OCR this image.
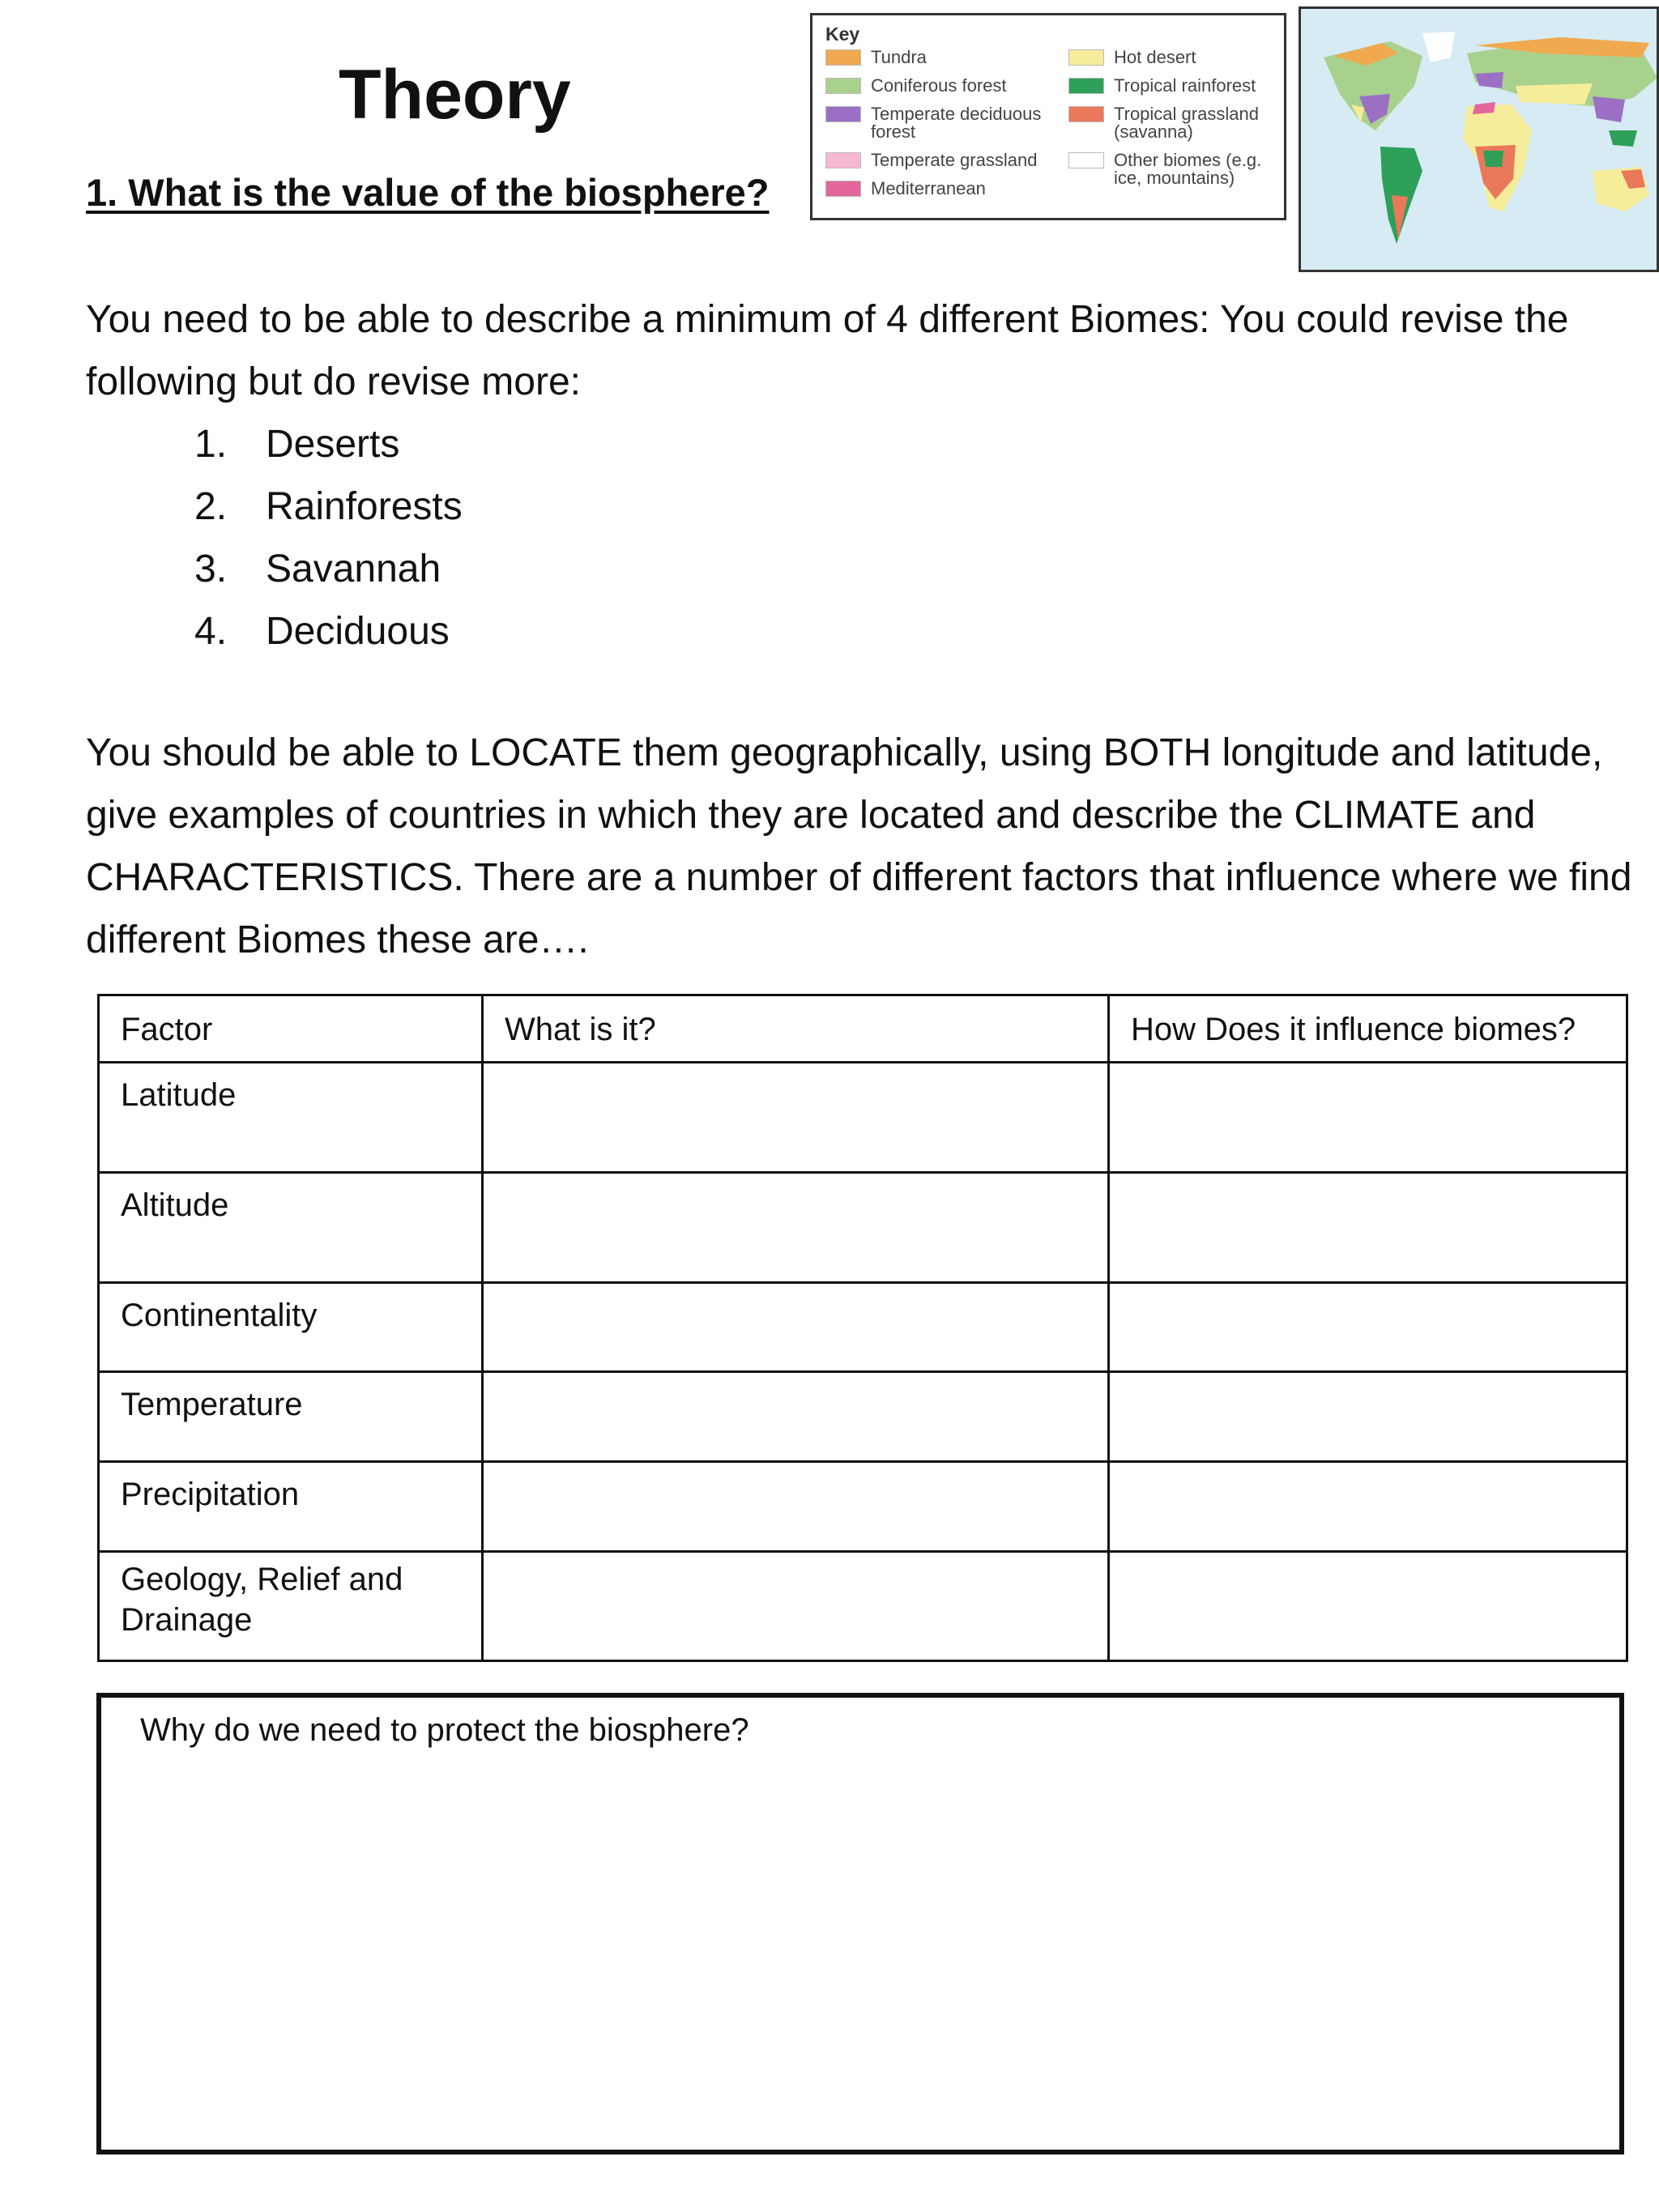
Theory
1. What is the value of the biosphere?
Key
Tundra
Coniferous forest
Temperate deciduous forest
Temperate grassland
Mediterranean
Hot desert
Tropical rainforest
Tropical grassland (savanna)
Other biomes (e.g. ice, mountains)

You need to be able to describe a minimum of 4 different Biomes: You could revise the following but do revise more:

1. Deserts
2. Rainforests
3. Savannah
4. Deciduous

You should be able to LOCATE them geographically, using BOTH longitude and latitude, give examples of countries in which they are located and describe the CLIMATE and CHARACTERISTICS. There are a number of different factors that influence where we find different Biomes these are….

Factor	What is it?	How Does it influence biomes?
Latitude		
Altitude		
Continentality		
Temperature		
Precipitation		
Geology, Relief and Drainage		
Why do we need to protect the biosphere?
